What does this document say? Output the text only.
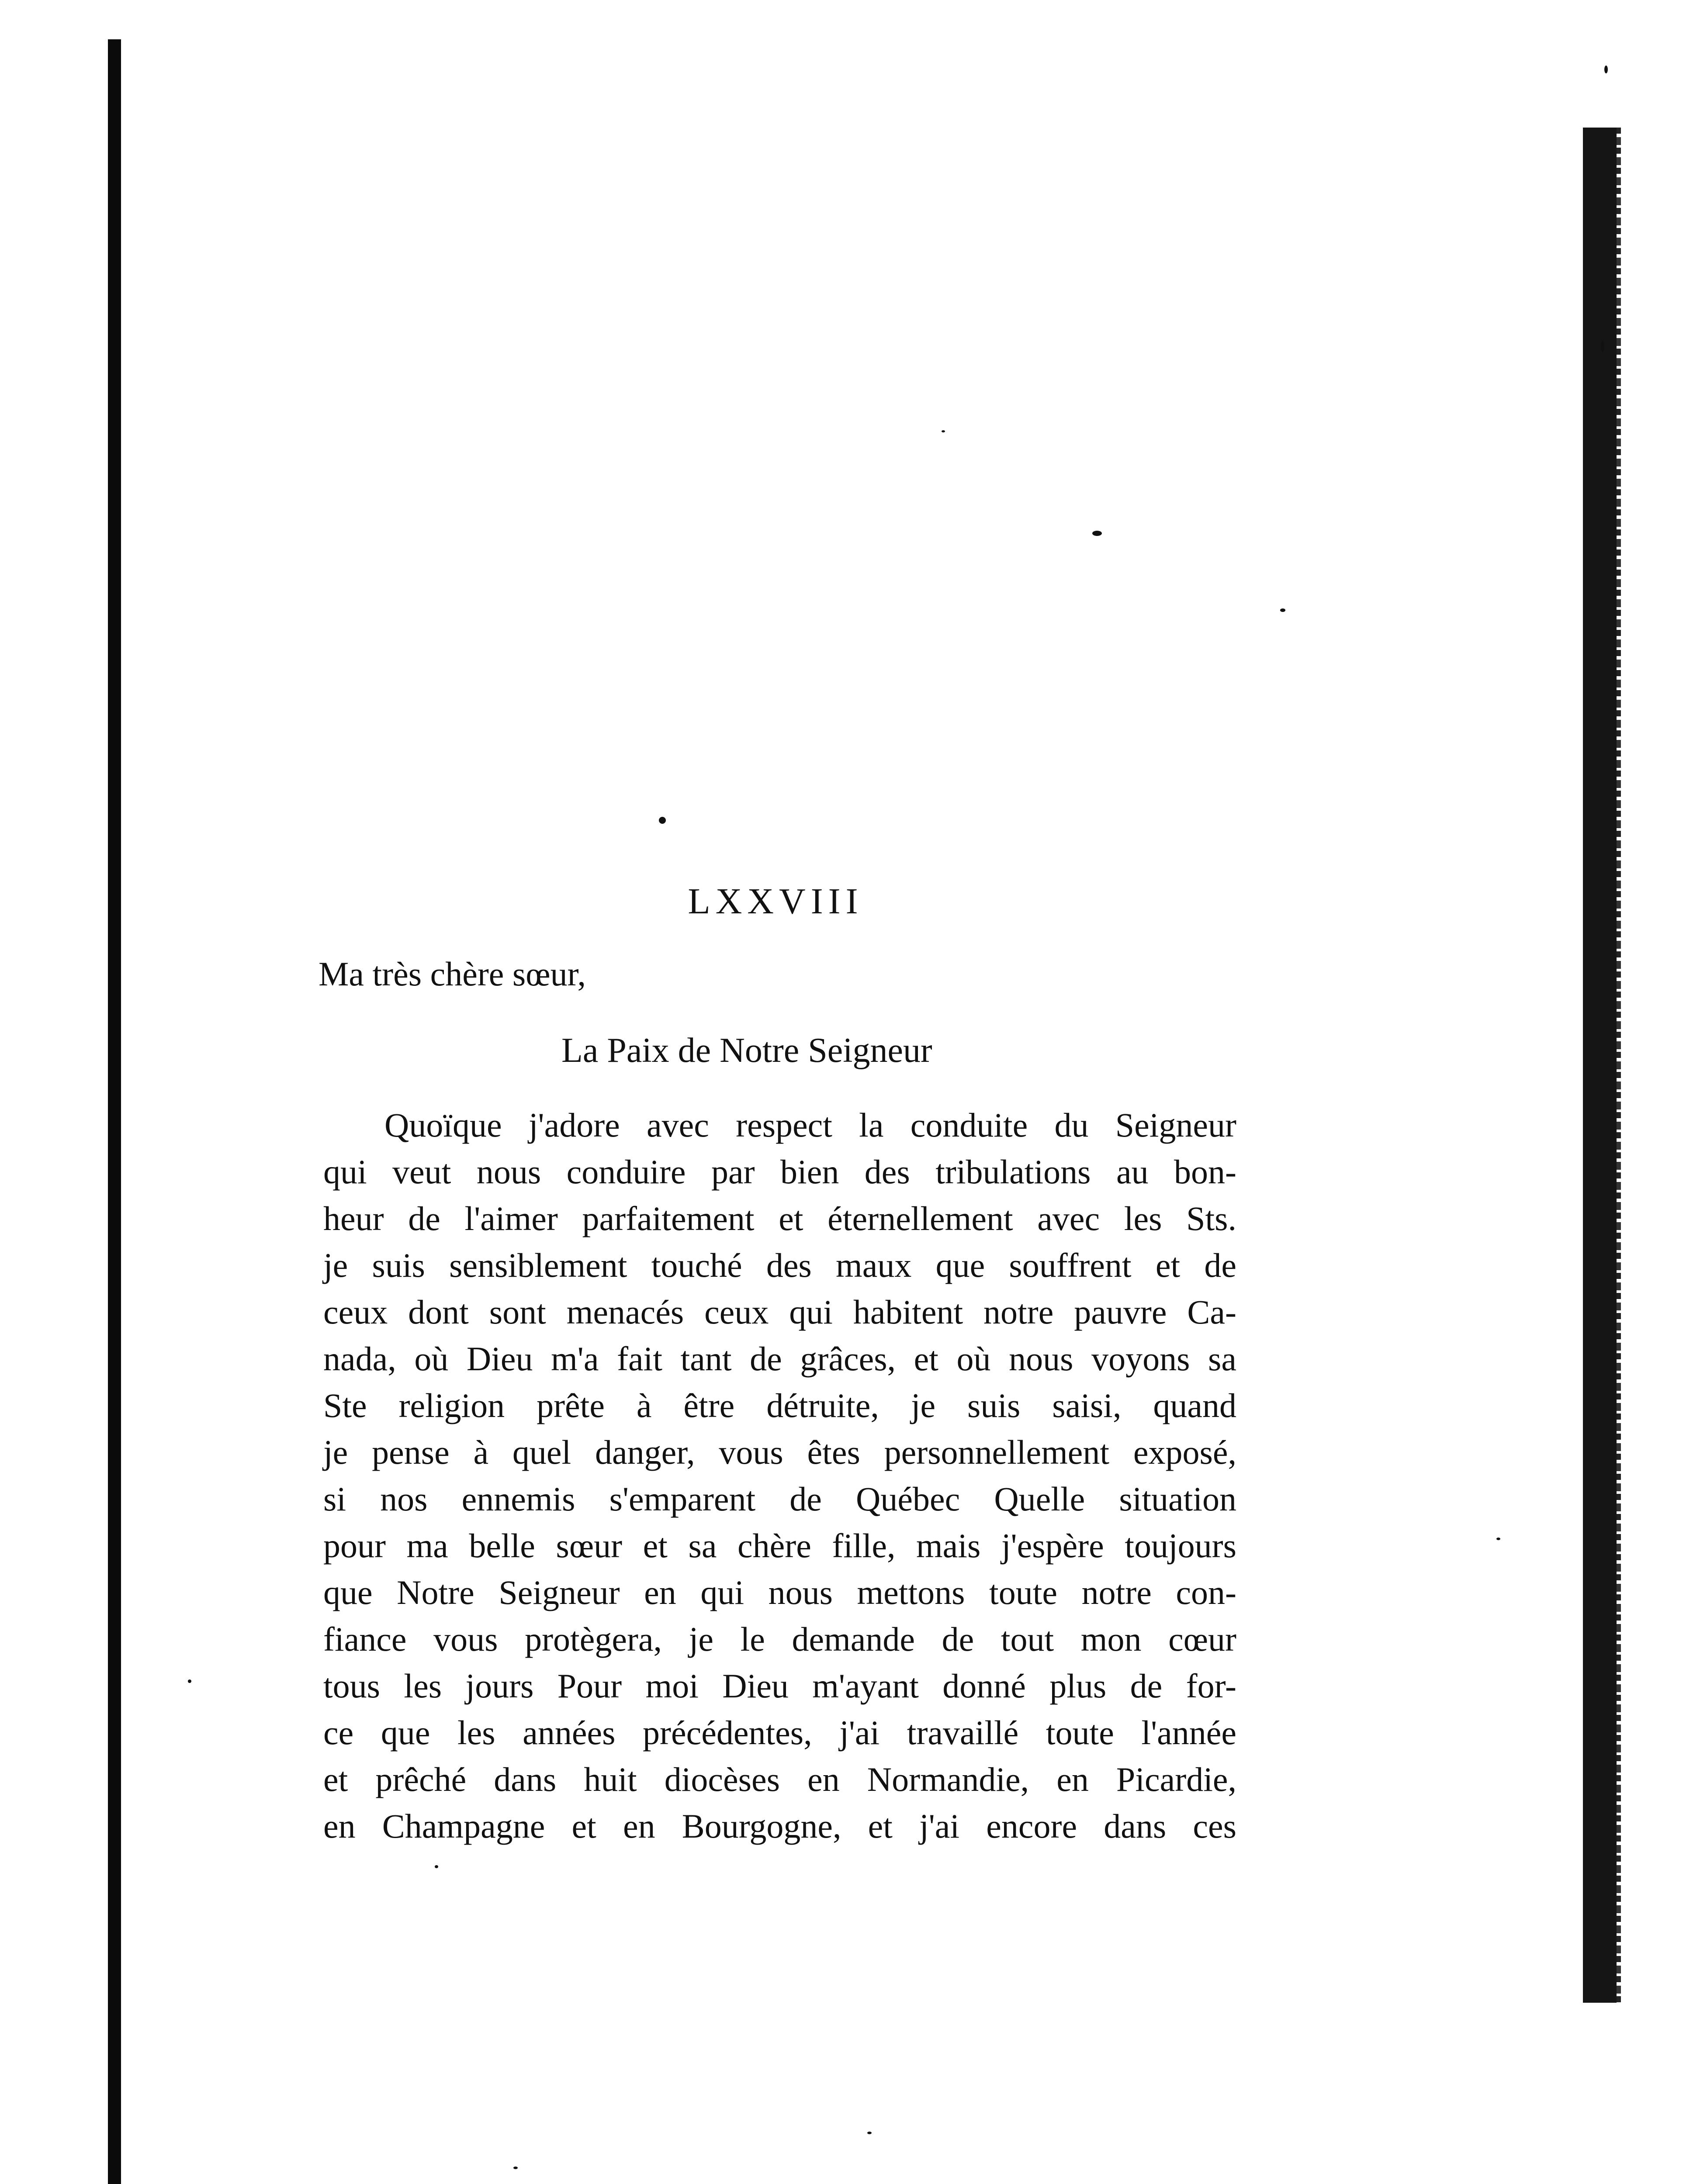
LXXVIII
Ma très chère sœur,
La Paix de Notre Seigneur
Quoïque j'adore avec respect la conduite du Seigneur
qui veut nous conduire par bien des tribulations au bon-
heur de l'aimer parfaitement et éternellement avec les Sts.
je suis sensiblement touché des maux que souffrent et de
ceux dont sont menacés ceux qui habitent notre pauvre Ca-
nada, où Dieu m'a fait tant de grâces, et où nous voyons sa
Ste religion prête à être détruite, je suis saisi, quand
je pense à quel danger, vous êtes personnellement exposé,
si nos ennemis s'emparent de Québec Quelle situation
pour ma belle sœur et sa chère fille, mais j'espère toujours
que Notre Seigneur en qui nous mettons toute notre con-
fiance vous protègera, je le demande de tout mon cœur
tous les jours Pour moi Dieu m'ayant donné plus de for-
ce que les années précédentes, j'ai travaillé toute l'année
et prêché dans huit diocèses en Normandie, en Picardie,
en Champagne et en Bourgogne, et j'ai encore dans ces
